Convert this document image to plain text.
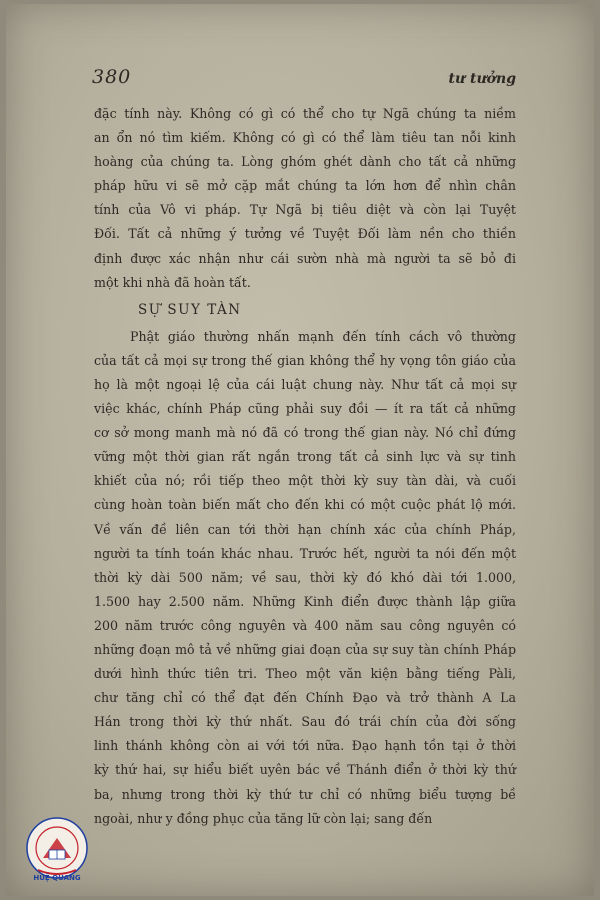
380	tư tưởng
đặc tính này. Không có gì có thể cho tự Ngã chúng ta niềm
an ổn nó tìm kiếm. Không có gì có thể làm tiêu tan nỗi kinh
hoàng của chúng ta. Lòng ghóm ghét dành cho tất cả những
pháp hữu vi sẽ mở cặp mắt chúng ta lớn hơn để nhìn chân
tính của Vô vi pháp. Tự Ngã bị tiêu diệt và còn lại Tuyệt
Đối. Tất cả những ý tưởng về Tuyệt Đối làm nền cho thiền
định được xác nhận như cái sườn nhà mà người ta sẽ bỏ đi
một khi nhà đã hoàn tất.
SỰ SUY TÀN
Phật giáo thường nhấn mạnh đến tính cách vô thường
của tất cả mọi sự trong thế gian không thể hy vọng tôn giáo của
họ là một ngoại lệ của cái luật chung này. Như tất cả mọi sự
việc khác, chính Pháp cũng phải suy đồi — ít ra tất cả những
cơ sở mong manh mà nó đã có trong thế gian này. Nó chỉ đứng
vững một thời gian rất ngắn trong tất cả sinh lực và sự tinh
khiết của nó; rồi tiếp theo một thời kỳ suy tàn dài, và cuối
cùng hoàn toàn biến mất cho đến khi có một cuộc phát lộ mới.
Về vấn đề liên can tới thời hạn chính xác của chính Pháp,
người ta tính toán khác nhau. Trước hết, người ta nói đến một
thời kỳ dài 500 năm; về sau, thời kỳ đó khó dài tới 1.000,
1.500 hay 2.500 năm. Những Kinh điển được thành lập giữa
200 năm trước công nguyên và 400 năm sau công nguyên có
những đoạn mô tả về những giai đoạn của sự suy tàn chính Pháp
dưới hình thức tiên tri. Theo một văn kiện bằng tiếng Pàli,
chư tăng chỉ có thể đạt đến Chính Đạo và trở thành A La
Hán trong thời kỳ thứ nhất. Sau đó trái chín của đời sống
linh thánh không còn ai với tới nữa. Đạo hạnh tồn tại ở thời
kỳ thứ hai, sự hiểu biết uyên bác về Thánh điển ở thời kỳ thứ
ba, nhưng trong thời kỳ thứ tư chỉ có những biểu tượng bề
ngoài, như y đồng phục của tăng lữ còn lại; sang đến
HUỆ QUANG
